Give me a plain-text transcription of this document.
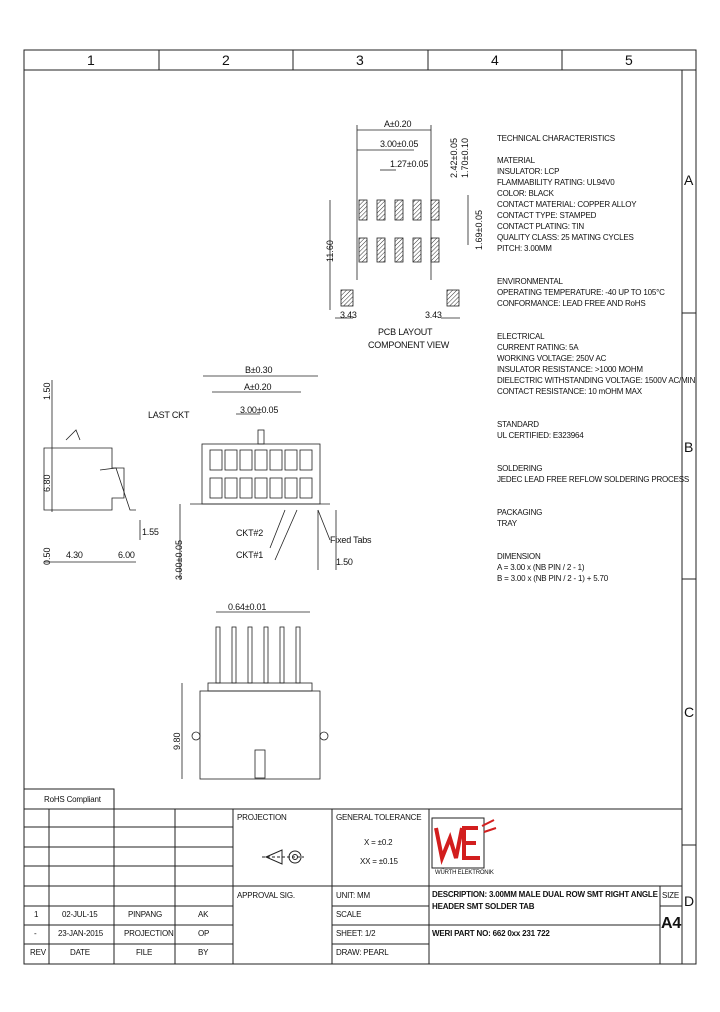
1	2	3	4	5
A
B
C
D
A±0.20
3.00±0.05
1.27±0.05
11.60
2.42±0.05 1.70±0.10
1.69±0.05
3.43	3.43
PCB LAYOUT
COMPONENT VIEW
B±0.30
A±0.20
3.00±0.05
LAST CKT
CKT#2
CKT#1
Fixed Tabs
1.50
3.00±0.05
1.50
6.80
0.50 4.30	6.00
1.55
0.64±0.01
9.80
TECHNICAL CHARACTERISTICS
MATERIAL
INSULATOR: LCP
FLAMMABILITY RATING: UL94V0
COLOR: BLACK
CONTACT MATERIAL: COPPER ALLOY
CONTACT TYPE: STAMPED
CONTACT PLATING: TIN
QUALITY CLASS: 25 MATING CYCLES
PITCH: 3.00MM
ENVIRONMENTAL
OPERATING TEMPERATURE: -40 UP TO 105°C
CONFORMANCE: LEAD FREE AND RoHS
ELECTRICAL
CURRENT RATING: 5A
WORKING VOLTAGE: 250V AC
INSULATOR RESISTANCE: >1000 MOHM
DIELECTRIC WITHSTANDING VOLTAGE: 1500V AC/MIN
CONTACT RESISTANCE: 10 mOHM MAX
STANDARD
UL CERTIFIED: E323964
SOLDERING
JEDEC LEAD FREE REFLOW SOLDERING PROCESS
PACKAGING
TRAY
DIMENSION
A = 3.00 x (NB PIN / 2 - 1)
B = 3.00 x (NB PIN / 2 - 1) + 5.70
RoHS Compliant
PROJECTION	GENERAL TOLERANCE
X = ±0.2
XX = ±0.15
WÜRTH ELEKTRONIK
APPROVAL SIG.	UNIT: MM
SCALE
SHEET: 1/2
DRAW: PEARL
DESCRIPTION: 3.00MM MALE DUAL ROW SMT RIGHT ANGLE HEADER SMT SOLDER TAB
WERI PART NO: 662 0xx 231 722
SIZE
A4
1	02-JUL-15	PINPANG	AK
-	23-JAN-2015	PROJECTION	OP
REV	DATE	FILE	BY
